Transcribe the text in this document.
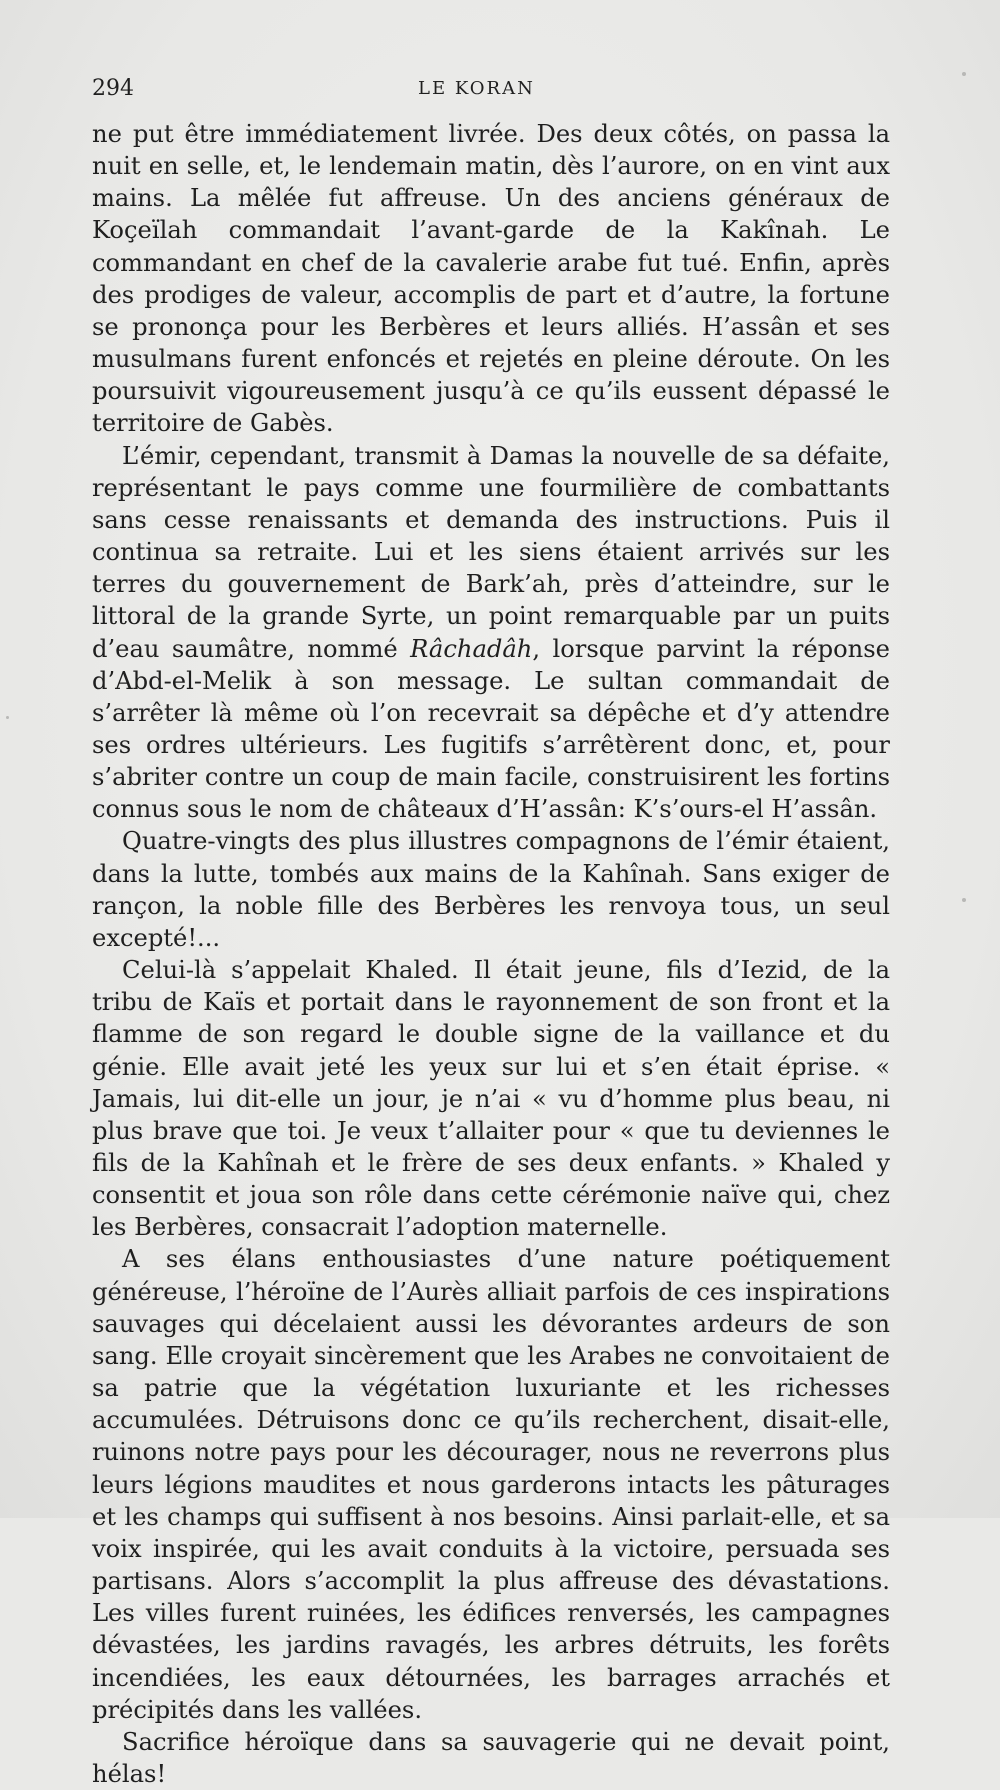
294	LE KORAN

ne put être immédiatement livrée. Des deux côtés, on passa la nuit en selle, et, le lendemain matin, dès l’aurore, on en vint aux mains. La mêlée fut affreuse. Un des anciens généraux de Koçeïlah commandait l’avant-garde de la Kakînah. Le commandant en chef de la cavalerie arabe fut tué. Enfin, après des prodiges de valeur, accomplis de part et d’autre, la fortune se prononça pour les Berbères et leurs alliés. H’assân et ses musulmans furent enfoncés et rejetés en pleine déroute. On les poursuivit vigoureusement jusqu’à ce qu’ils eussent dépassé le territoire de Gabès.

L’émir, cependant, transmit à Damas la nouvelle de sa défaite, représentant le pays comme une fourmilière de combattants sans cesse renaissants et demanda des instructions. Puis il continua sa retraite. Lui et les siens étaient arrivés sur les terres du gouvernement de Bark’ah, près d’atteindre, sur le littoral de la grande Syrte, un point remarquable par un puits d’eau saumâtre, nommé Râchadâh, lorsque parvint la réponse d’Abd-el-Melik à son message. Le sultan commandait de s’arrêter là même où l’on recevrait sa dépêche et d’y attendre ses ordres ultérieurs. Les fugitifs s’arrêtèrent donc, et, pour s’abriter contre un coup de main facile, construisirent les fortins connus sous le nom de châteaux d’H’assân: K’s’ours-el H’assân.

Quatre-vingts des plus illustres compagnons de l’émir étaient, dans la lutte, tombés aux mains de la Kahînah. Sans exiger de rançon, la noble fille des Berbères les renvoya tous, un seul excepté!...

Celui-là s’appelait Khaled. Il était jeune, fils d’Iezid, de la tribu de Kaïs et portait dans le rayonnement de son front et la flamme de son regard le double signe de la vaillance et du génie. Elle avait jeté les yeux sur lui et s’en était éprise. « Jamais, lui dit-elle un jour, je n’ai « vu d’homme plus beau, ni plus brave que toi. Je veux t’allaiter pour « que tu deviennes le fils de la Kahînah et le frère de ses deux enfants. » Khaled y consentit et joua son rôle dans cette cérémonie naïve qui, chez les Berbères, consacrait l’adoption maternelle.

A ses élans enthousiastes d’une nature poétiquement généreuse, l’héroïne de l’Aurès alliait parfois de ces inspirations sauvages qui décelaient aussi les dévorantes ardeurs de son sang. Elle croyait sincèrement que les Arabes ne convoitaient de sa patrie que la végétation luxuriante et les richesses accumulées. Détruisons donc ce qu’ils recherchent, disait-elle, ruinons notre pays pour les décourager, nous ne reverrons plus leurs légions maudites et nous garderons intacts les pâturages et les champs qui suffisent à nos besoins. Ainsi parlait-elle, et sa voix inspirée, qui les avait conduits à la victoire, persuada ses partisans. Alors s’accomplit la plus affreuse des dévastations. Les villes furent ruinées, les édifices renversés, les campagnes dévastées, les jardins ravagés, les arbres détruits, les forêts incendiées, les eaux détournées, les barrages arrachés et précipités dans les vallées.

Sacrifice héroïque dans sa sauvagerie qui ne devait point, hélas!
